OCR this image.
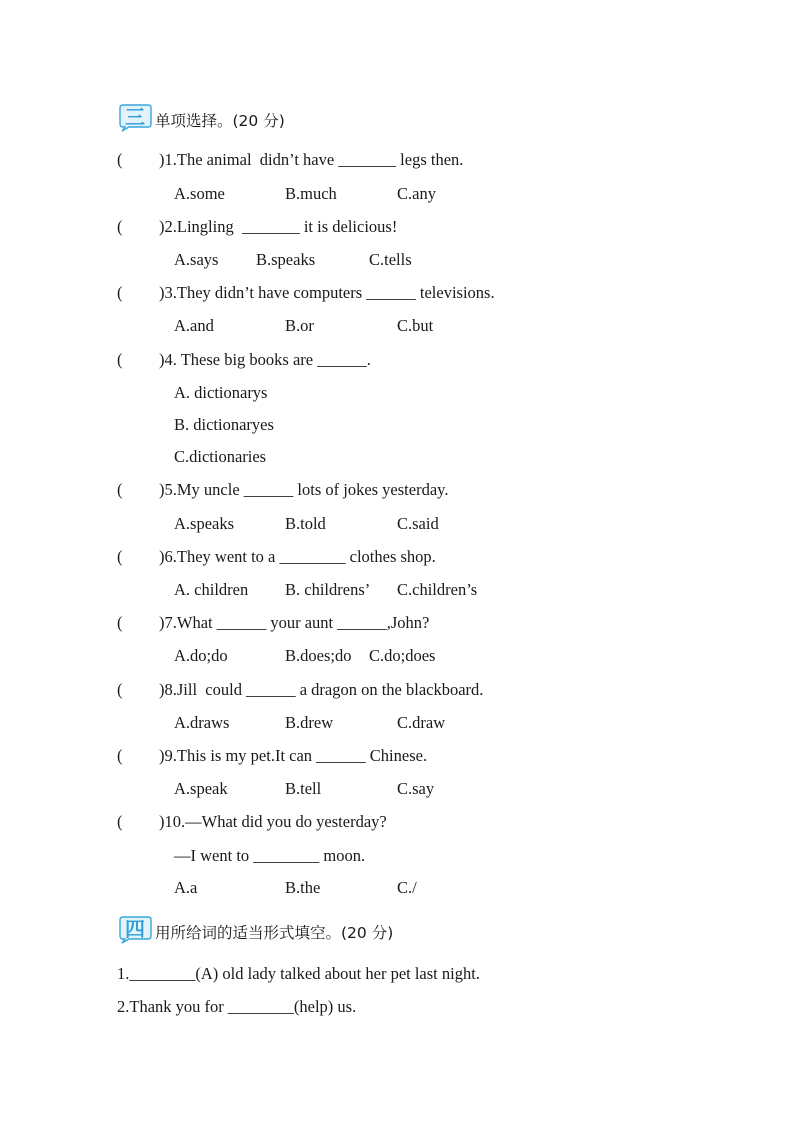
三 单项选择。(20 分)
( )1.The animal  didn’t have _______ legs then.

A.some

	B.much

	C.any

( )2.Lingling  _______ it is delicious!

A.says

B.speaks

	C.tells

( )3.They didn’t have computers ______ televisions.

A.and

	B.or

	C.but

( )4. These big books are ______.

A. dictionarys

B. dictionaryes

C.dictionaries

( )5.My uncle ______ lots of jokes yesterday.

A.speaks

	B.told

	C.said

( )6.They went to a ________ clothes shop.

A. children

B. childrens’

C.children’s

( )7.What ______ your aunt ______,John?

A.do;do

	B.does;do

C.do;does

( )8.Jill  could ______ a dragon on the blackboard.

A.draws

	B.drew

	C.draw

( )9.This is my pet.It can ______ Chinese.

A.speak

	B.tell

	C.say

( )10.—What did you do yesterday?

—I went to ________ moon.

A.a

	B.the

	C./

四 用所给词的适当形式填空。(20 分)
1.________(A) old lady talked about her pet last night.
2.Thank you for ________(help) us.
